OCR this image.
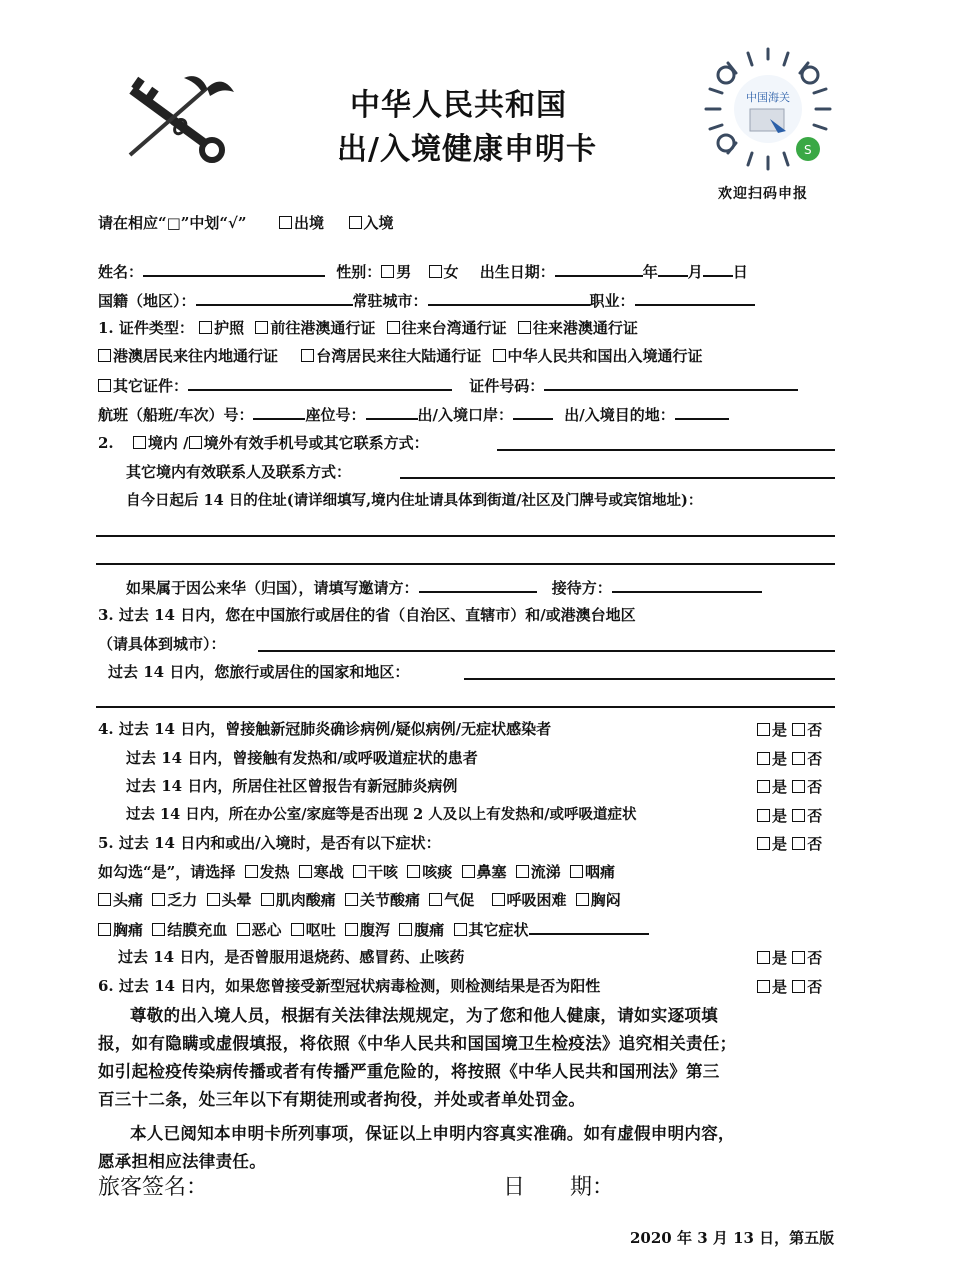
中华人民共和国
出/入境健康申明卡	S
中国海关
欢迎扫码申报
请在相应“□”中划“√”	出境	入境
姓名：	性别： 男 女 出生日期：	年 月 日
国籍（地区）：	常驻城市：	职业：
1. 证件类型： 护照 前往港澳通行证 往来台湾通行证 往来港澳通行证
港澳居民来往内地通行证	台湾居民来往大陆通行证 中华人民共和国出入境通行证
其它证件：	证件号码：
航班（船班/车次）号：	座位号：	出/入境口岸：	出/入境目的地：
2. 境内 / 境外有效手机号或其它联系方式：
其它境内有效联系人及联系方式：
自今日起后 14 日的住址(请详细填写,境内住址请具体到街道/社区及门牌号或宾馆地址)：
如果属于因公来华（归国），请填写邀请方：	接待方：
3. 过去 14 日内，您在中国旅行或居住的省（自治区、直辖市）和/或港澳台地区
（请具体到城市）：
过去 14 日内，您旅行或居住的国家和地区：
4. 过去 14 日内，曾接触新冠肺炎确诊病例/疑似病例/无症状感染者	是 否
过去 14 日内，曾接触有发热和/或呼吸道症状的患者	是 否
过去 14 日内，所居住社区曾报告有新冠肺炎病例	是 否
过去 14 日内，所在办公室/家庭等是否出现 2 人及以上有发热和/或呼吸道症状	是 否
5. 过去 14 日内和或出/入境时，是否有以下症状：	是 否
如勾选“是”，请选择 发热 寒战 干咳 咳痰 鼻塞 流涕 咽痛
头痛 乏力 头晕 肌肉酸痛 关节酸痛 气促 呼吸困难 胸闷
胸痛 结膜充血 恶心 呕吐 腹泻 腹痛 其它症状
过去 14 日内，是否曾服用退烧药、感冒药、止咳药	是 否
6. 过去 14 日内，如果您曾接受新型冠状病毒检测，则检测结果是否为阳性	是 否
尊敬的出入境人员，根据有关法律法规规定，为了您和他人健康，请如实逐项填
报，如有隐瞒或虚假填报，将依照《中华人民共和国国境卫生检疫法》追究相关责任；
如引起检疫传染病传播或者有传播严重危险的，将按照《中华人民共和国刑法》第三
百三十二条，处三年以下有期徒刑或者拘役，并处或者单处罚金。
本人已阅知本申明卡所列事项，保证以上申明内容真实准确。如有虚假申明内容，
愿承担相应法律责任。
旅客签名：	日 期：
2020 年 3 月 13 日，第五版
